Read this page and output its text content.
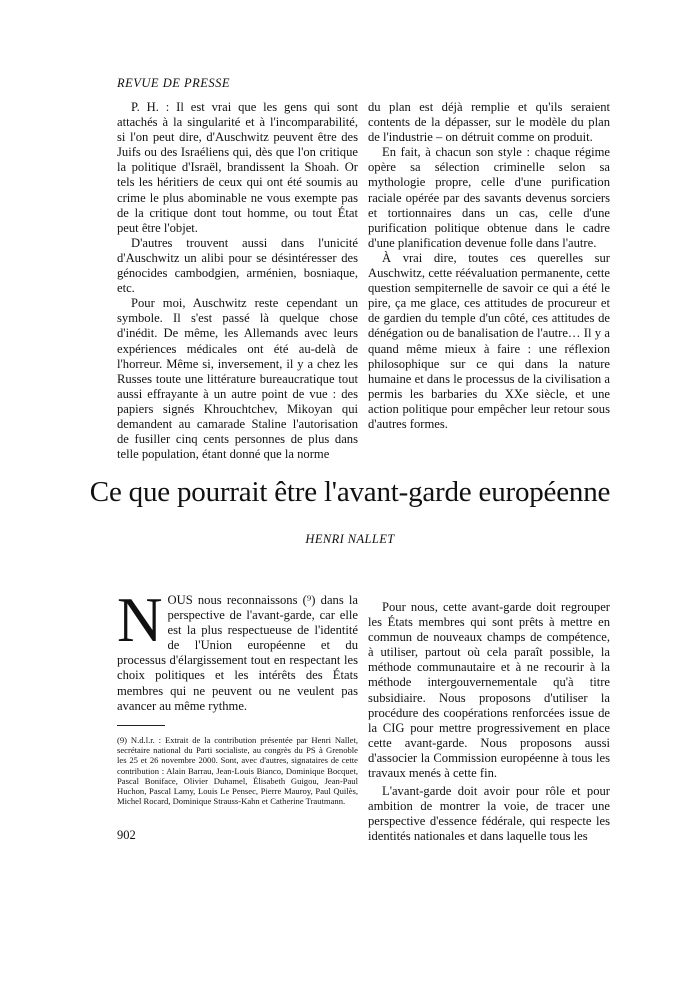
REVUE DE PRESSE

P. H. : Il est vrai que les gens qui sont attachés à la singularité et à l'incomparabilité, si l'on peut dire, d'Auschwitz peuvent être des Juifs ou des Israéliens qui, dès que l'on critique la politique d'Israël, brandissent la Shoah. Or tels les héritiers de ceux qui ont été soumis au crime le plus abominable ne vous exempte pas de la critique dont tout homme, ou tout État peut être l'objet.

D'autres trouvent aussi dans l'unicité d'Auschwitz un alibi pour se désintéresser des génocides cambodgien, arménien, bosniaque, etc.

Pour moi, Auschwitz reste cependant un symbole. Il s'est passé là quelque chose d'inédit. De même, les Allemands avec leurs expériences médicales ont été au-delà de l'horreur. Même si, inversement, il y a chez les Russes toute une littérature bureaucratique tout aussi effrayante à un autre point de vue : des papiers signés Khrouchtchev, Mikoyan qui demandent au camarade Staline l'autorisation de fusiller cinq cents personnes de plus dans telle population, étant donné que la norme

du plan est déjà remplie et qu'ils seraient contents de la dépasser, sur le modèle du plan de l'industrie – on détruit comme on produit.

En fait, à chacun son style : chaque régime opère sa sélection criminelle selon sa mythologie propre, celle d'une purification raciale opérée par des savants devenus sorciers et tortionnaires dans un cas, celle d'une purification politique obtenue dans le cadre d'une planification devenue folle dans l'autre.

À vrai dire, toutes ces querelles sur Auschwitz, cette réévaluation permanente, cette question sempiternelle de savoir ce qui a été le pire, ça me glace, ces attitudes de procureur et de gardien du temple d'un côté, ces attitudes de dénégation ou de banalisation de l'autre… Il y a quand même mieux à faire : une réflexion philosophique sur ce qui dans la nature humaine et dans le processus de la civilisation a permis les barbaries du XXe siècle, et une action politique pour empêcher leur retour sous d'autres formes.

Ce que pourrait être l'avant-garde européenne
HENRI NALLET

NOUS nous reconnaissons (⁹) dans la perspective de l'avant-garde, car elle est la plus respectueuse de l'identité de l'Union européenne et du processus d'élargissement tout en respectant les choix politiques et les intérêts des États membres qui ne peuvent ou ne veulent pas avancer au même rythme.

(9) N.d.l.r. : Extrait de la contribution présentée par Henri Nallet, secrétaire national du Parti socialiste, au congrès du PS à Grenoble les 25 et 26 novembre 2000. Sont, avec d'autres, signataires de cette contribution : Alain Barrau, Jean-Louis Bianco, Dominique Bocquet, Pascal Boniface, Olivier Duhamel, Élisabeth Guigou, Jean-Paul Huchon, Pascal Lamy, Louis Le Pensec, Pierre Mauroy, Paul Quilès, Michel Rocard, Dominique Strauss-Kahn et Catherine Trautmann.

Pour nous, cette avant-garde doit regrouper les États membres qui sont prêts à mettre en commun de nouveaux champs de compétence, à utiliser, partout où cela paraît possible, la méthode communautaire et à ne recourir à la méthode intergouvernementale qu'à titre subsidiaire. Nous proposons d'utiliser la procédure des coopérations renforcées issue de la CIG pour mettre progressivement en place cette avant-garde. Nous proposons aussi d'associer la Commission européenne à tous les travaux menés à cette fin.

L'avant-garde doit avoir pour rôle et pour ambition de montrer la voie, de tracer une perspective d'essence fédérale, qui respecte les identités nationales et dans laquelle tous les

902
